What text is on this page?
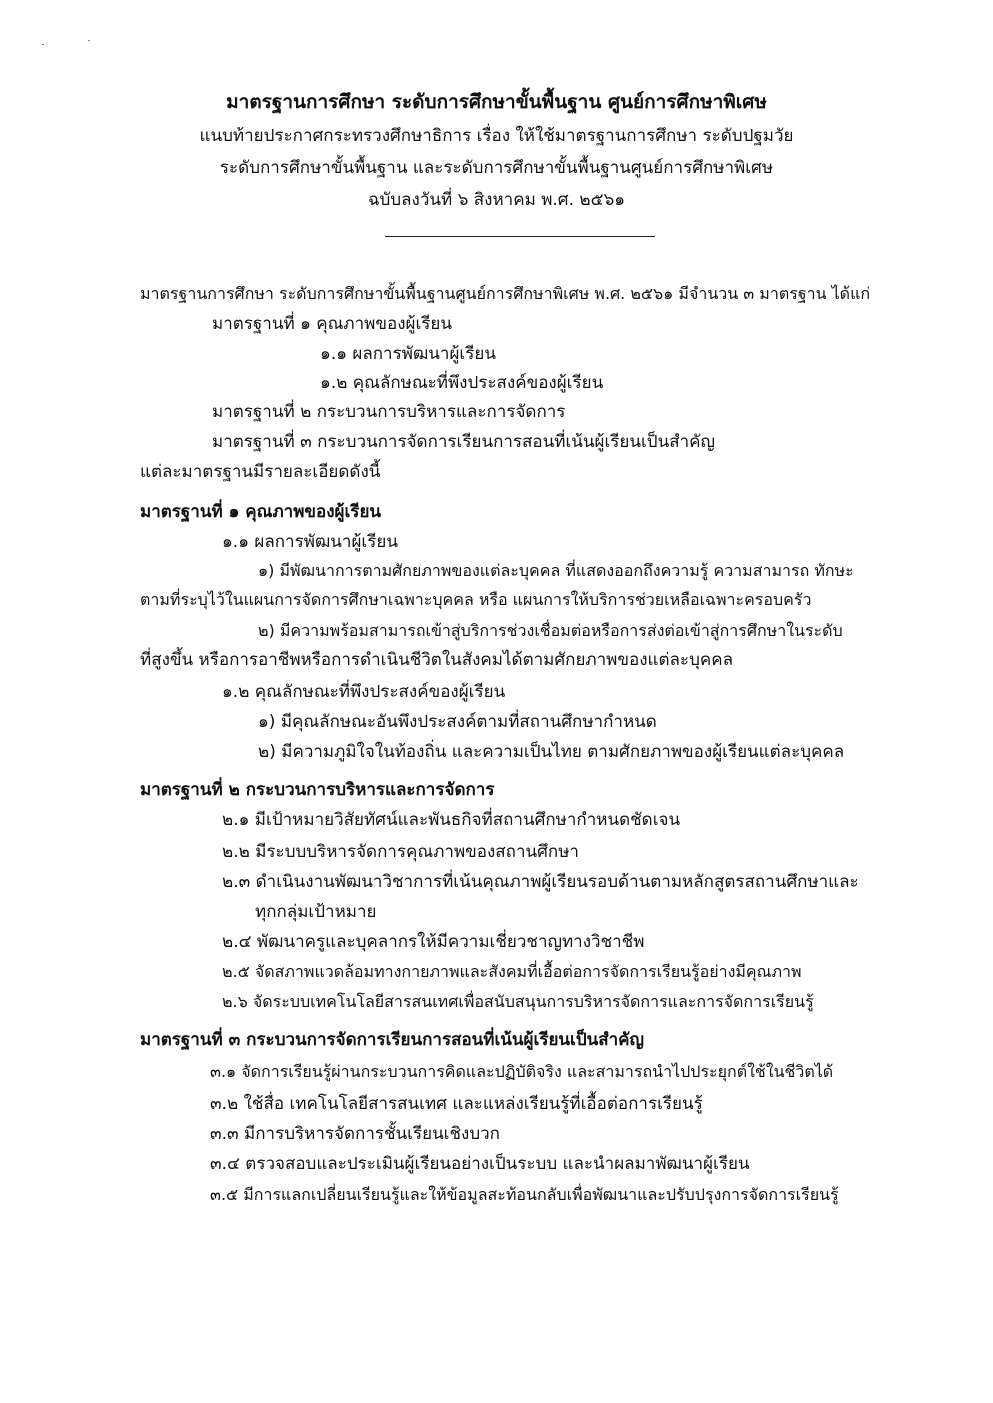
มาตรฐานการศึกษา ระดับการศึกษาขั้นพื้นฐาน ศูนย์การศึกษาพิเศษ
แนบท้ายประกาศกระทรวงศึกษาธิการ เรื่อง ให้ใช้มาตรฐานการศึกษา ระดับปฐมวัย
ระดับการศึกษาขั้นพื้นฐาน และระดับการศึกษาขั้นพื้นฐานศูนย์การศึกษาพิเศษ
ฉบับลงวันที่ ๖ สิงหาคม พ.ศ. ๒๕๖๑
มาตรฐานการศึกษา ระดับการศึกษาขั้นพื้นฐานศูนย์การศึกษาพิเศษ พ.ศ. ๒๕๖๑ มีจำนวน ๓ มาตรฐาน ได้แก่
มาตรฐานที่ ๑ คุณภาพของผู้เรียน
๑.๑ ผลการพัฒนาผู้เรียน
๑.๒ คุณลักษณะที่พึงประสงค์ของผู้เรียน
มาตรฐานที่ ๒ กระบวนการบริหารและการจัดการ
มาตรฐานที่ ๓ กระบวนการจัดการเรียนการสอนที่เน้นผู้เรียนเป็นสำคัญ
แต่ละมาตรฐานมีรายละเอียดดังนี้
มาตรฐานที่ ๑ คุณภาพของผู้เรียน
๑.๑ ผลการพัฒนาผู้เรียน
๑) มีพัฒนาการตามศักยภาพของแต่ละบุคคล ที่แสดงออกถึงความรู้ ความสามารถ ทักษะ
ตามที่ระบุไว้ในแผนการจัดการศึกษาเฉพาะบุคคล หรือ แผนการให้บริการช่วยเหลือเฉพาะครอบครัว
๒) มีความพร้อมสามารถเข้าสู่บริการช่วงเชื่อมต่อหรือการส่งต่อเข้าสู่การศึกษาในระดับ
ที่สูงขึ้น หรือการอาชีพหรือการดำเนินชีวิตในสังคมได้ตามศักยภาพของแต่ละบุคคล
๑.๒ คุณลักษณะที่พึงประสงค์ของผู้เรียน
๑) มีคุณลักษณะอันพึงประสงค์ตามที่สถานศึกษากำหนด
๒) มีความภูมิใจในท้องถิ่น และความเป็นไทย ตามศักยภาพของผู้เรียนแต่ละบุคคล
มาตรฐานที่ ๒ กระบวนการบริหารและการจัดการ
๒.๑ มีเป้าหมายวิสัยทัศน์และพันธกิจที่สถานศึกษากำหนดชัดเจน
๒.๒ มีระบบบริหารจัดการคุณภาพของสถานศึกษา
๒.๓ ดำเนินงานพัฒนาวิชาการที่เน้นคุณภาพผู้เรียนรอบด้านตามหลักสูตรสถานศึกษาและ
ทุกกลุ่มเป้าหมาย
๒.๔ พัฒนาครูและบุคลากรให้มีความเชี่ยวชาญทางวิชาชีพ
๒.๕ จัดสภาพแวดล้อมทางกายภาพและสังคมที่เอื้อต่อการจัดการเรียนรู้อย่างมีคุณภาพ
๒.๖ จัดระบบเทคโนโลยีสารสนเทศเพื่อสนับสนุนการบริหารจัดการและการจัดการเรียนรู้
มาตรฐานที่ ๓ กระบวนการจัดการเรียนการสอนที่เน้นผู้เรียนเป็นสำคัญ
๓.๑ จัดการเรียนรู้ผ่านกระบวนการคิดและปฏิบัติจริง และสามารถนำไปประยุกต์ใช้ในชีวิตได้
๓.๒ ใช้สื่อ เทคโนโลยีสารสนเทศ และแหล่งเรียนรู้ที่เอื้อต่อการเรียนรู้
๓.๓ มีการบริหารจัดการชั้นเรียนเชิงบวก
๓.๔ ตรวจสอบและประเมินผู้เรียนอย่างเป็นระบบ และนำผลมาพัฒนาผู้เรียน
๓.๕ มีการแลกเปลี่ยนเรียนรู้และให้ข้อมูลสะท้อนกลับเพื่อพัฒนาและปรับปรุงการจัดการเรียนรู้
